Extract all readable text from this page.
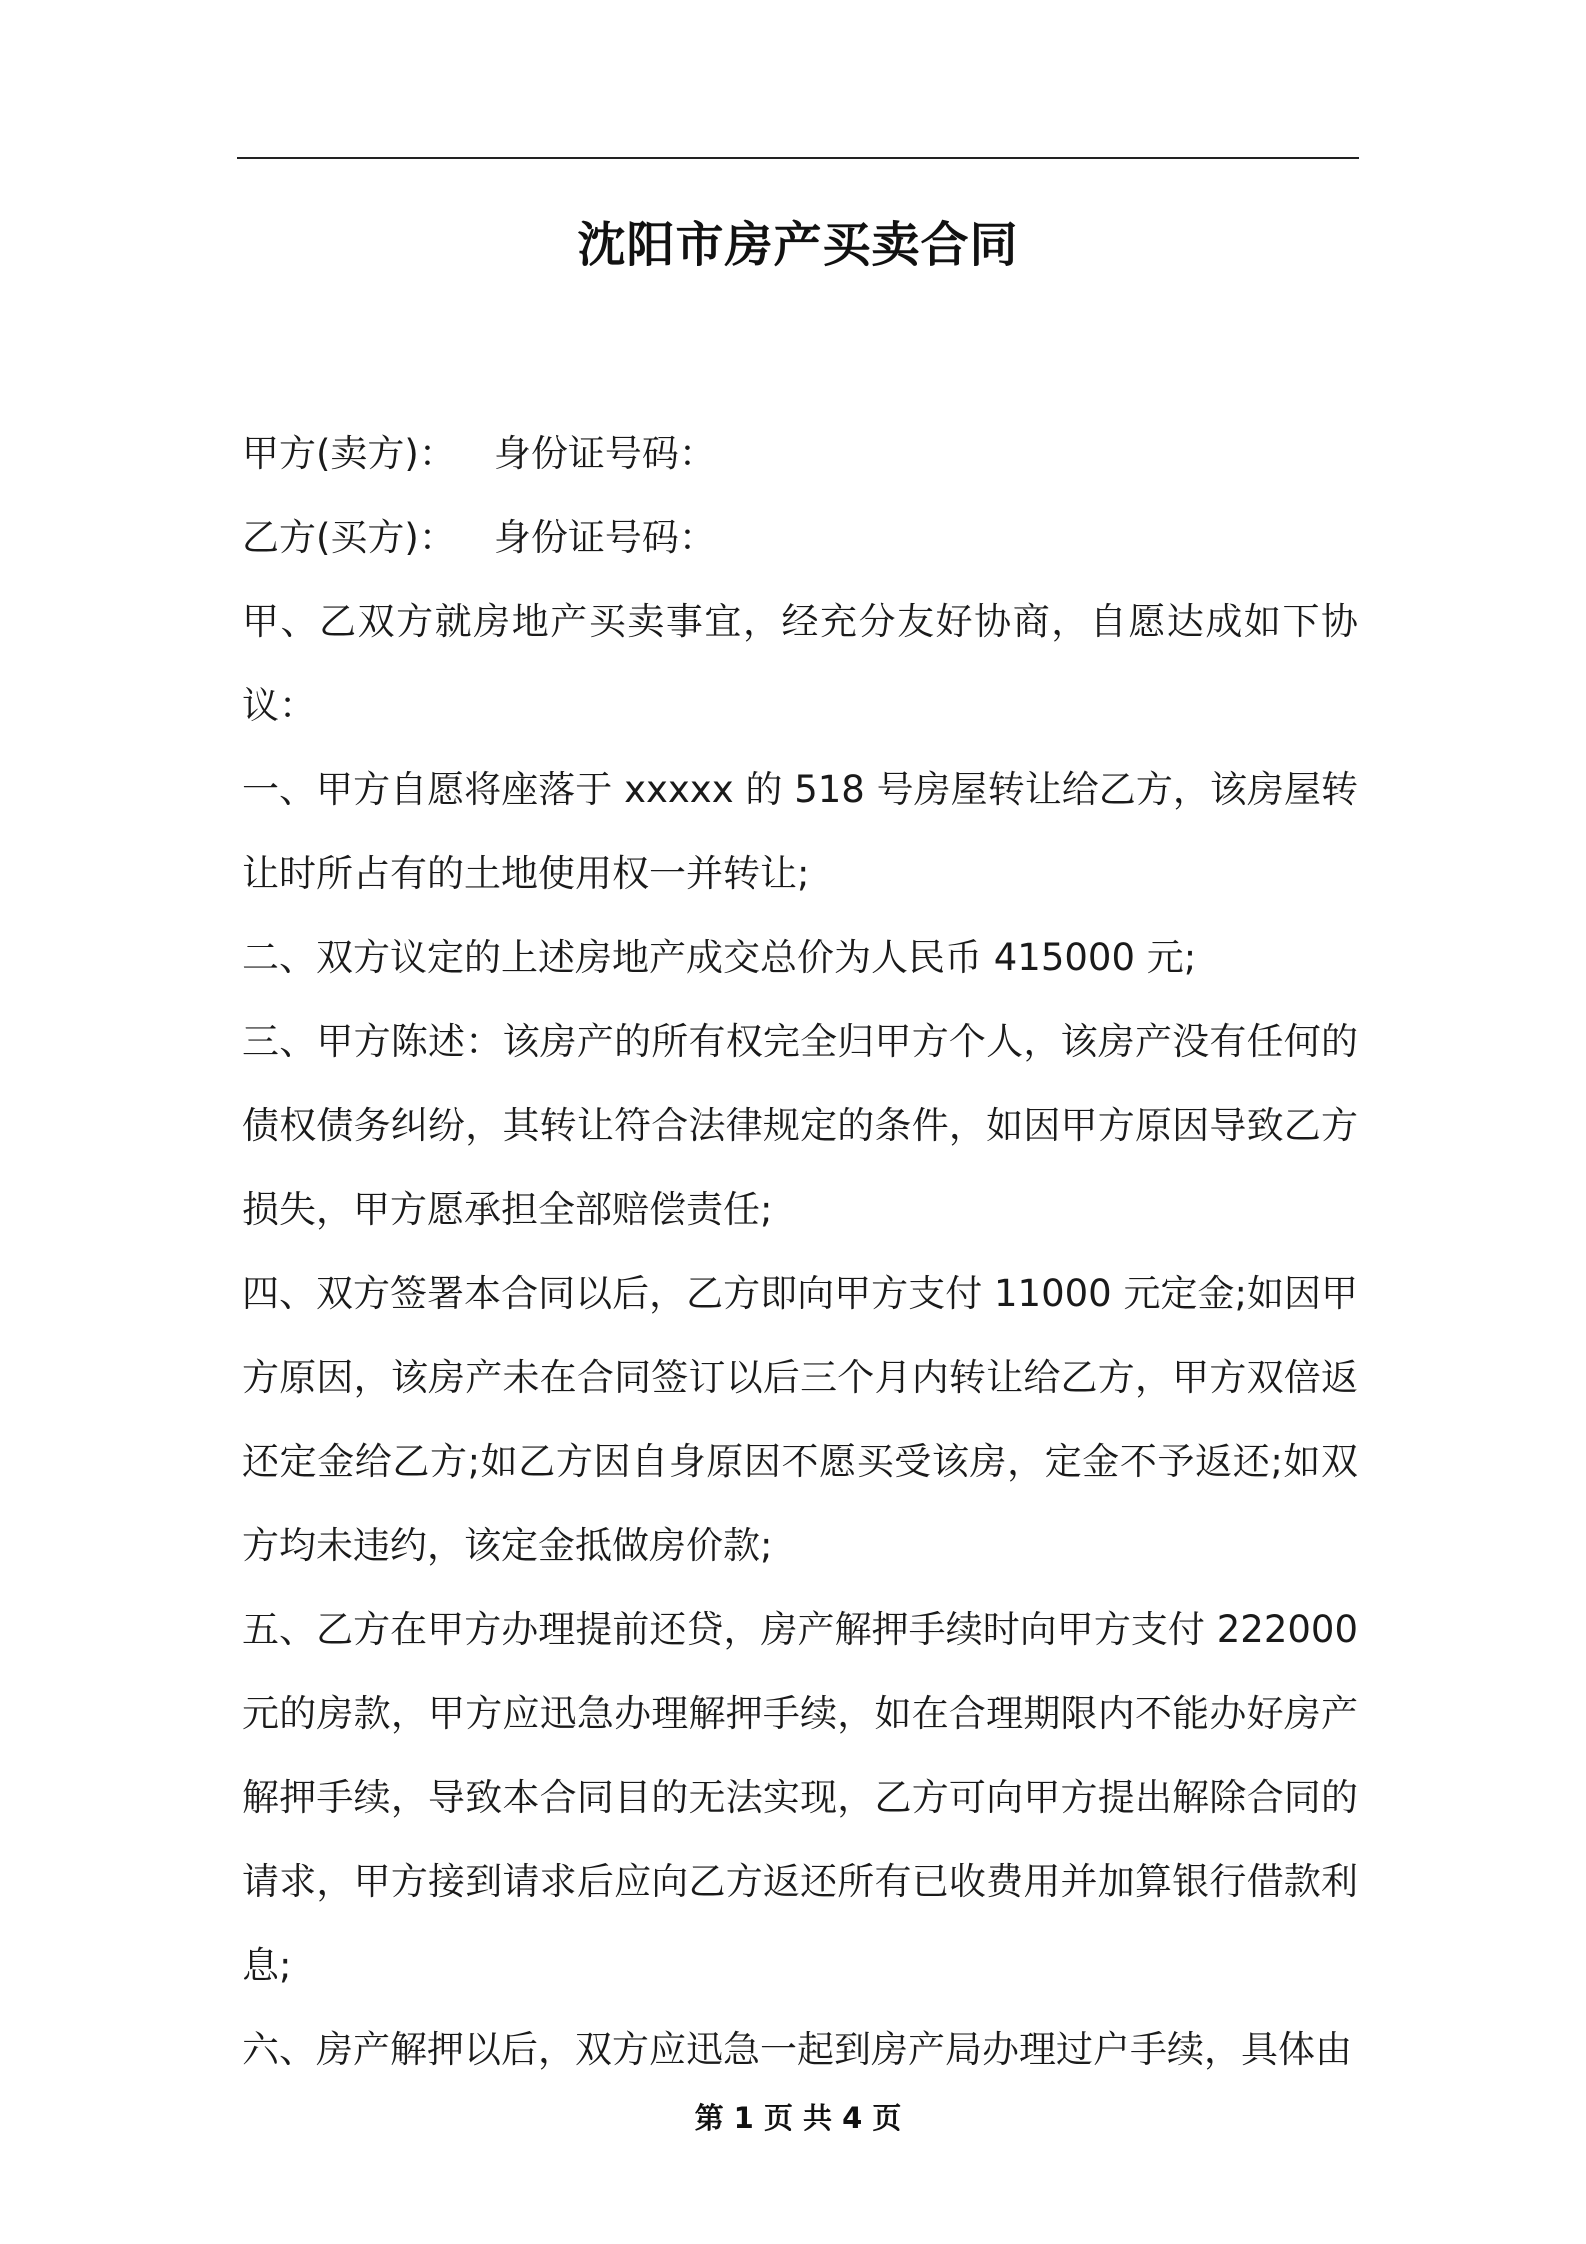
沈阳市房产买卖合同

甲方(卖方)： 身份证号码：

乙方(买方)： 身份证号码：

甲、乙双方就房地产买卖事宜，经充分友好协商，自愿达成如下协议：

一、甲方自愿将座落于 xxxxx 的 518 号房屋转让给乙方，该房屋转让时所占有的土地使用权一并转让;

二、双方议定的上述房地产成交总价为人民币 415000 元;

三、甲方陈述：该房产的所有权完全归甲方个人，该房产没有任何的债权债务纠纷，其转让符合法律规定的条件，如因甲方原因导致乙方损失，甲方愿承担全部赔偿责任;

四、双方签署本合同以后，乙方即向甲方支付 11000 元定金;如因甲方原因，该房产未在合同签订以后三个月内转让给乙方，甲方双倍返还定金给乙方;如乙方因自身原因不愿买受该房，定金不予返还;如双方均未违约，该定金抵做房价款;

五、乙方在甲方办理提前还贷，房产解押手续时向甲方支付 222000 元的房款，甲方应迅急办理解押手续，如在合理期限内不能办好房产解押手续，导致本合同目的无法实现，乙方可向甲方提出解除合同的请求，甲方接到请求后应向乙方返还所有已收费用并加算银行借款利息;

六、房产解押以后，双方应迅急一起到房产局办理过户手续，具体由

第 1 页 共 4 页
